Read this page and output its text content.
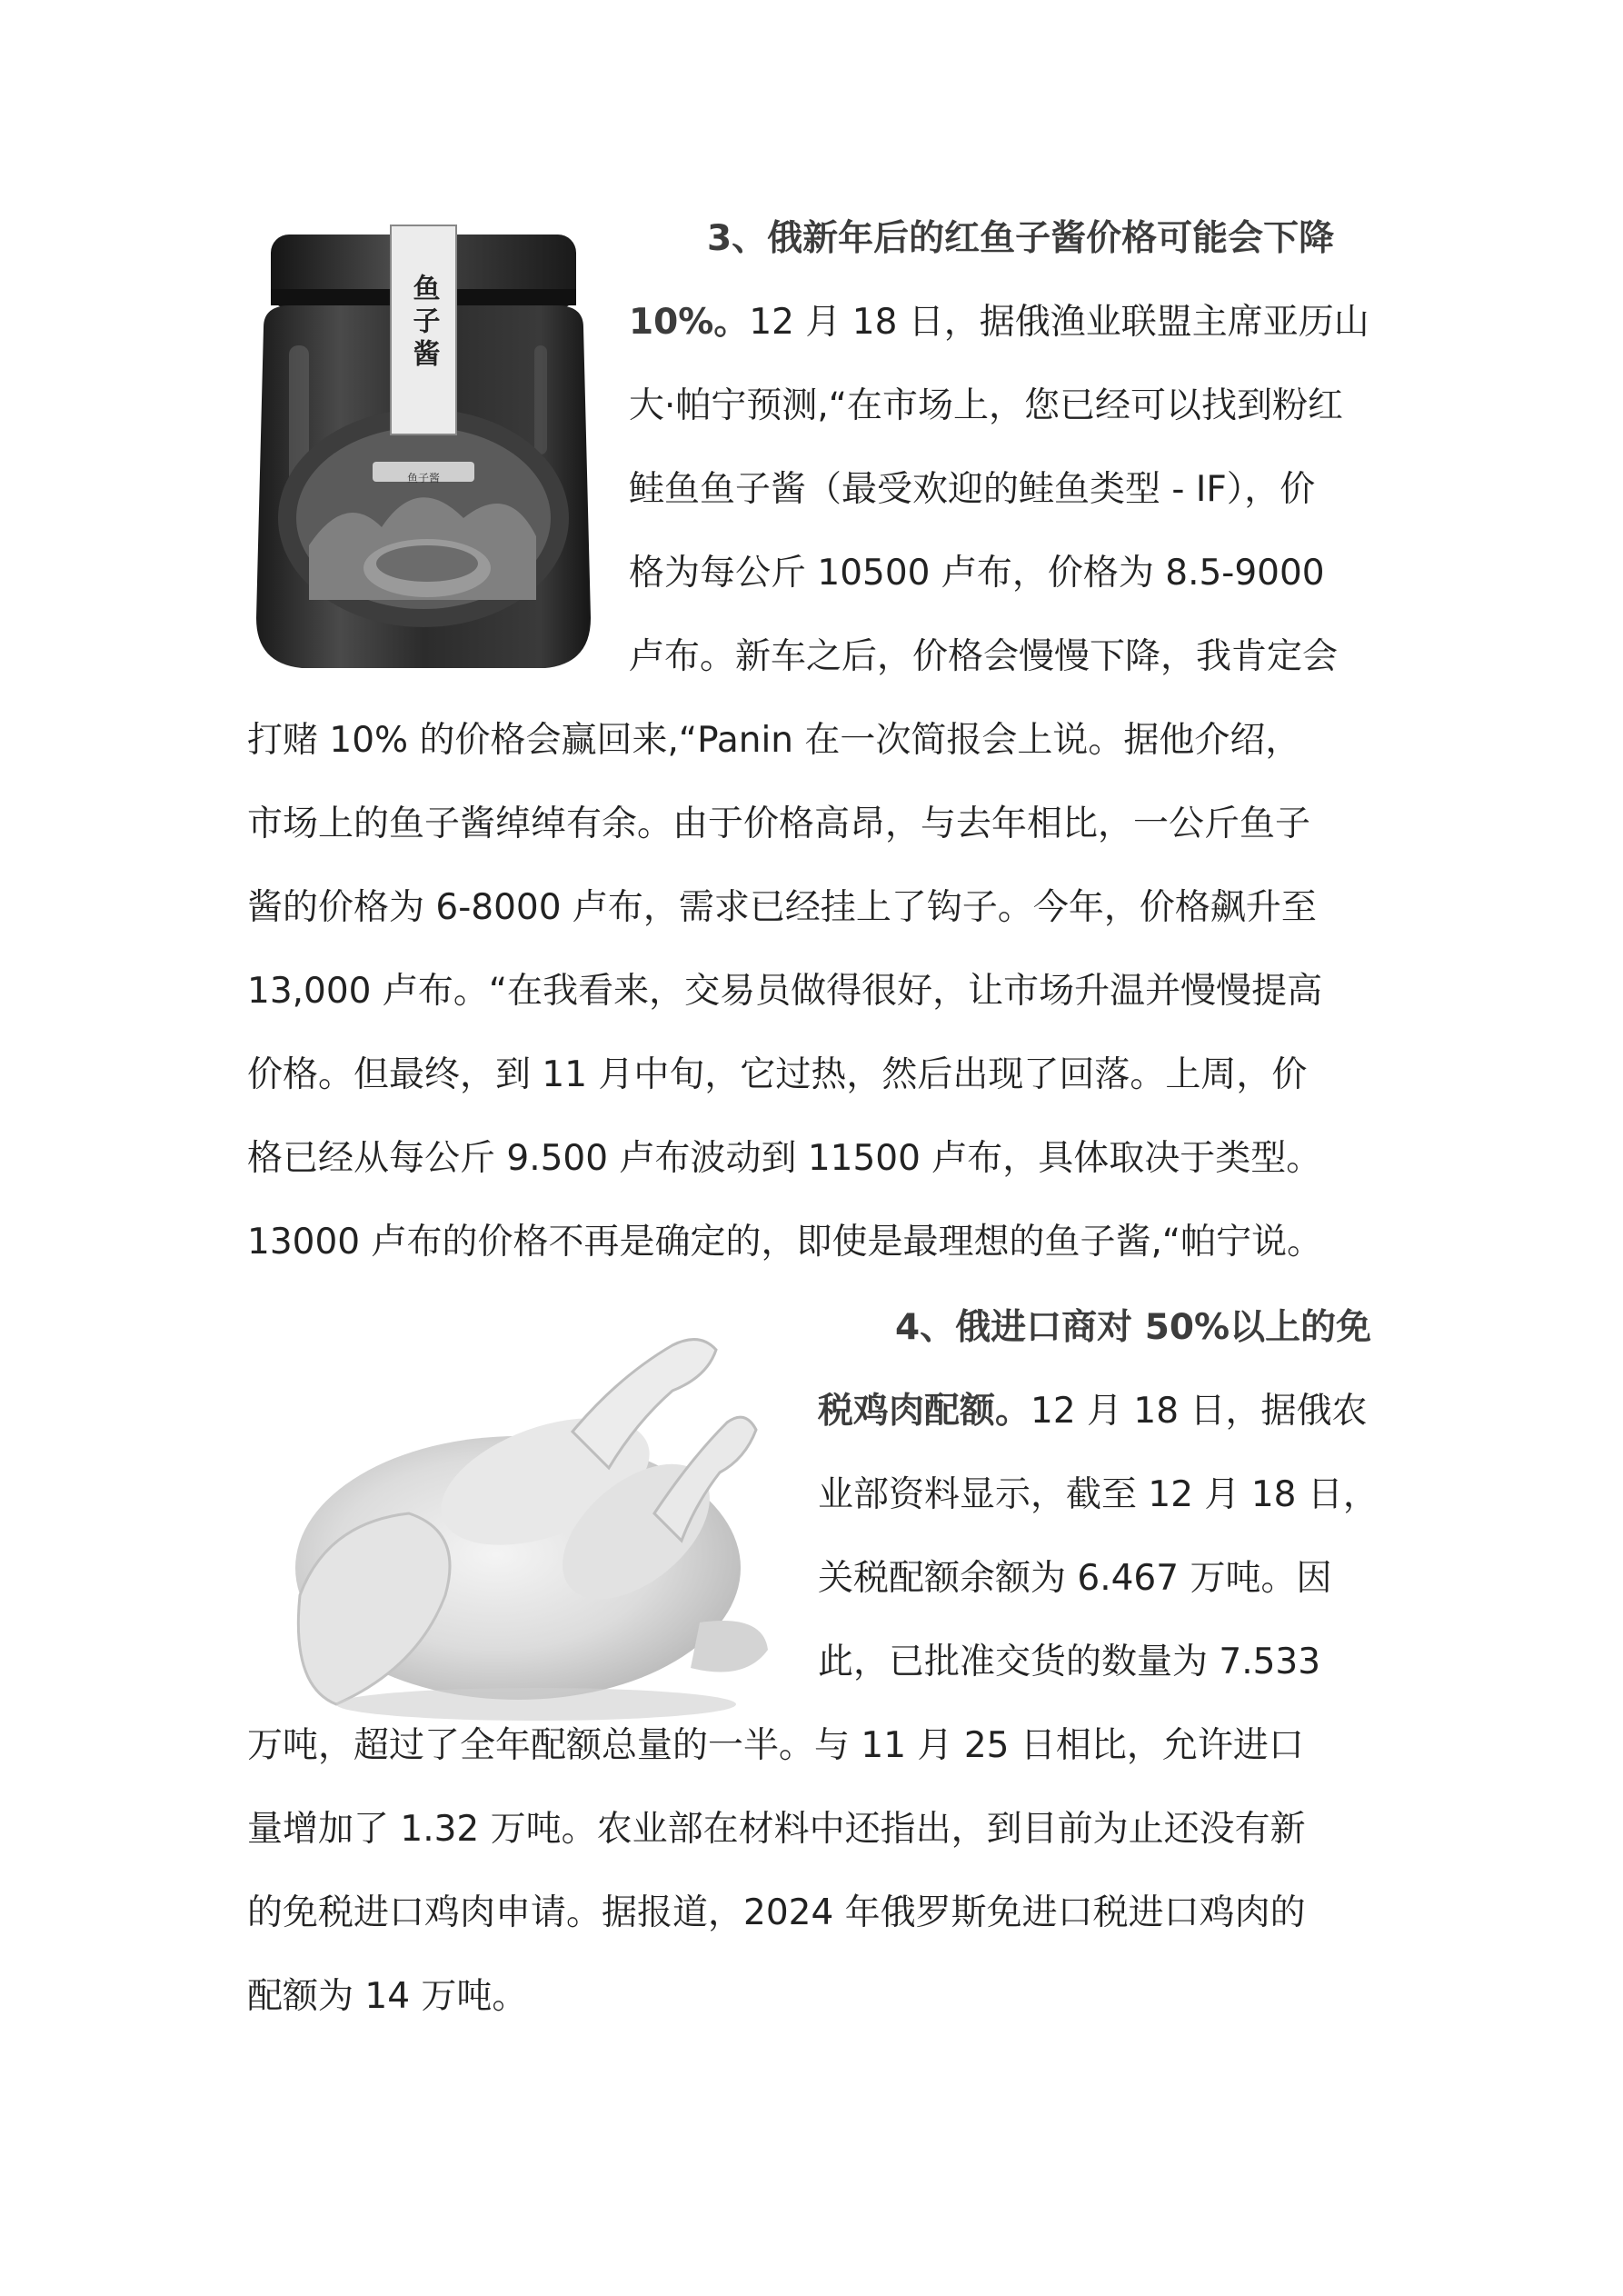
鱼子酱
鱼子酱
3、俄新年后的红鱼子酱价格可能会下降
10%。12 月 18 日，据俄渔业联盟主席亚历山
大·帕宁预测,“在市场上，您已经可以找到粉红
鲑鱼鱼子酱（最受欢迎的鲑鱼类型 - IF），价
格为每公斤 10500 卢布，价格为 8.5-9000
卢布。新车之后，价格会慢慢下降，我肯定会
打赌 10% 的价格会赢回来,“Panin 在一次简报会上说。据他介绍，
市场上的鱼子酱绰绰有余。由于价格高昂，与去年相比，一公斤鱼子
酱的价格为 6-8000 卢布，需求已经挂上了钩子。今年，价格飙升至
13,000 卢布。“在我看来，交易员做得很好，让市场升温并慢慢提高
价格。但最终，到 11 月中旬，它过热，然后出现了回落。上周，价
格已经从每公斤 9.500 卢布波动到 11500 卢布，具体取决于类型。
13000 卢布的价格不再是确定的，即使是最理想的鱼子酱,“帕宁说。
4、俄进口商对 50%以上的免
税鸡肉配额。12 月 18 日，据俄农
业部资料显示，截至 12 月 18 日，
关税配额余额为 6.467 万吨。因
此，已批准交货的数量为 7.533
万吨，超过了全年配额总量的一半。与 11 月 25 日相比，允许进口
量增加了 1.32 万吨。农业部在材料中还指出，到目前为止还没有新
的免税进口鸡肉申请。据报道，2024 年俄罗斯免进口税进口鸡肉的
配额为 14 万吨。
